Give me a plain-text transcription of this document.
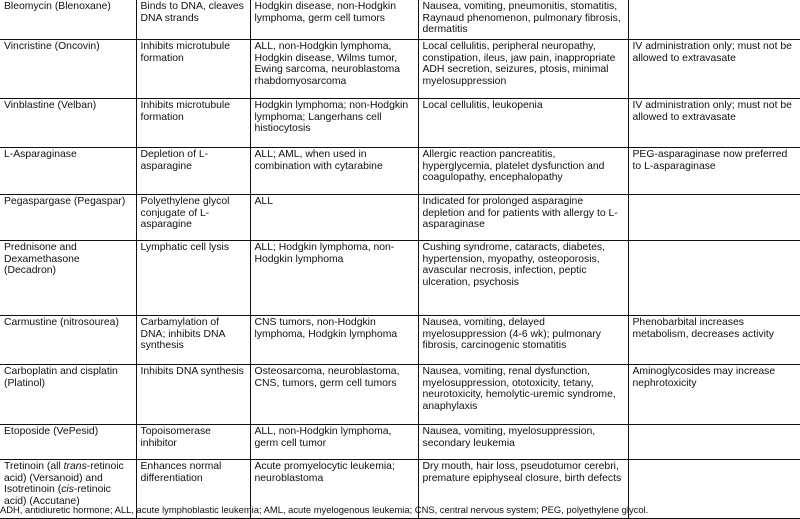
Bleomycin (Blenoxane)	Binds to DNA, cleaves DNA strands	Hodgkin disease, non-Hodgkin lymphoma, germ cell tumors	Nausea, vomiting, pneumonitis, stomatitis, Raynaud phenomenon, pulmonary fibrosis, dermatitis	
Vincristine (Oncovin)	Inhibits microtubule formation	ALL, non-Hodgkin lymphoma, Hodgkin disease, Wilms tumor, Ewing sarcoma, neuroblastoma rhabdomyosarcoma	Local cellulitis, peripheral neuropathy, constipation, ileus, jaw pain, inappropriate ADH secretion, seizures, ptosis, minimal myelosuppression	IV administration only; must not be allowed to extravasate
Vinblastine (Velban)	Inhibits microtubule formation	Hodgkin lymphoma; non-Hodgkin lymphoma; Langerhans cell histiocytosis	Local cellulitis, leukopenia	IV administration only; must not be allowed to extravasate
L-Asparaginase	Depletion of L-asparagine	ALL; AML, when used in combination with cytarabine	Allergic reaction pancreatitis, hyperglycemia, platelet dysfunction and coagulopathy, encephalopathy	PEG-asparaginase now preferred to L-asparaginase
Pegaspargase (Pegaspar)	Polyethylene glycol conjugate of L-asparagine	ALL	Indicated for prolonged asparagine depletion and for patients with allergy to L-asparaginase	
Prednisone and Dexamethasone (Decadron)	Lymphatic cell lysis	ALL; Hodgkin lymphoma, non-Hodgkin lymphoma	Cushing syndrome, cataracts, diabetes, hypertension, myopathy, osteoporosis, avascular necrosis, infection, peptic ulceration, psychosis	
Carmustine (nitrosourea)	Carbamylation of DNA; inhibits DNA synthesis	CNS tumors, non-Hodgkin lymphoma, Hodgkin lymphoma	Nausea, vomiting, delayed myelosuppression (4-6 wk); pulmonary fibrosis, carcinogenic stomatitis	Phenobarbital increases metabolism, decreases activity
Carboplatin and cisplatin (Platinol)	Inhibits DNA synthesis	Osteosarcoma, neuroblastoma, CNS, tumors, germ cell tumors	Nausea, vomiting, renal dysfunction, myelosuppression, ototoxicity, tetany, neurotoxicity, hemolytic-uremic syndrome, anaphylaxis	Aminoglycosides may increase nephrotoxicity
Etoposide (VePesid)	Topoisomerase inhibitor	ALL, non-Hodgkin lymphoma, germ cell tumor	Nausea, vomiting, myelosuppression, secondary leukemia	
Tretinoin (all trans-retinoic acid) (Versanoid) and Isotretinoin (cis-retinoic acid) (Accutane)	Enhances normal differentiation	Acute promyelocytic leukemia; neuroblastoma	Dry mouth, hair loss, pseudotumor cerebri, premature epiphyseal closure, birth defects	
ADH, antidiuretic hormone; ALL, acute lymphoblastic leukemia; AML, acute myelogenous leukemia; CNS, central nervous system; PEG, polyethylene glycol.
